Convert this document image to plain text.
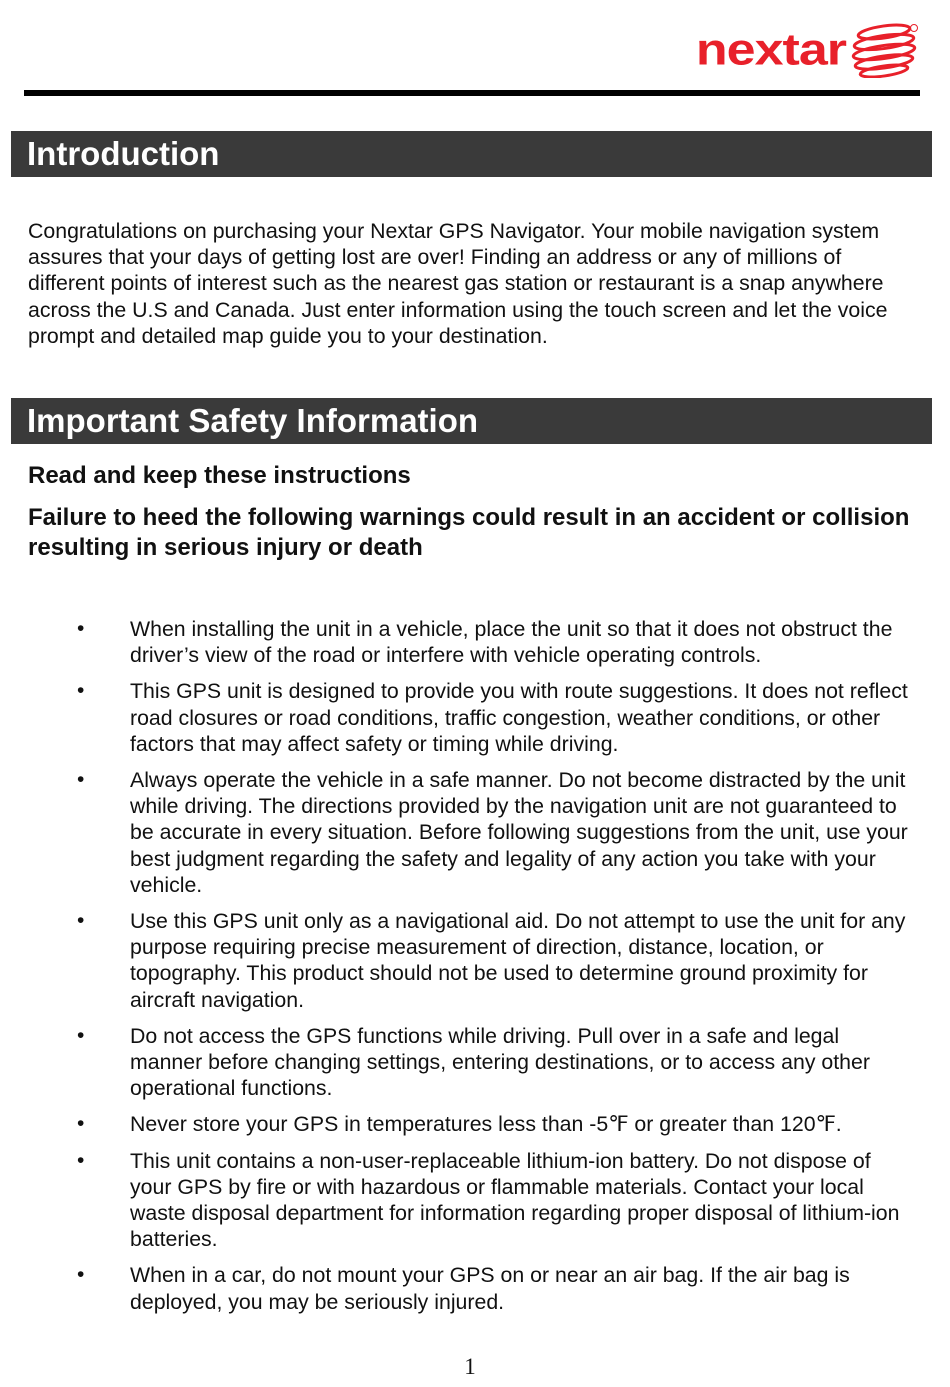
nextar
Introduction

Congratulations on purchasing your Nextar GPS Navigator. Your mobile navigation system assures that your days of getting lost are over! Finding an address or any of millions of different points of interest such as the nearest gas station or restaurant is a snap anywhere across the U.S and Canada. Just enter information using the touch screen and let the voice prompt and detailed map guide you to your destination.

Important Safety Information

Read and keep these instructions

Failure to heed the following warnings could result in an accident or collision resulting in serious injury or death

• When installing the unit in a vehicle, place the unit so that it does not obstruct the driver’s view of the road or interfere with vehicle operating controls.
• This GPS unit is designed to provide you with route suggestions. It does not reflect road closures or road conditions, traffic congestion, weather conditions, or other factors that may affect safety or timing while driving.
• Always operate the vehicle in a safe manner. Do not become distracted by the unit while driving. The directions provided by the navigation unit are not guaranteed to be accurate in every situation. Before following suggestions from the unit, use your best judgment regarding the safety and legality of any action you take with your vehicle.
• Use this GPS unit only as a navigational aid. Do not attempt to use the unit for any purpose requiring precise measurement of direction, distance, location, or topography. This product should not be used to determine ground proximity for aircraft navigation.
• Do not access the GPS functions while driving. Pull over in a safe and legal manner before changing settings, entering destinations, or to access any other operational functions.
• Never store your GPS in temperatures less than -5℉ or greater than 120℉.
• This unit contains a non-user-replaceable lithium-ion battery. Do not dispose of your GPS by fire or with hazardous or flammable materials. Contact your local waste disposal department for information regarding proper disposal of lithium-ion batteries.
• When in a car, do not mount your GPS on or near an air bag. If the air bag is deployed, you may be seriously injured.
1
